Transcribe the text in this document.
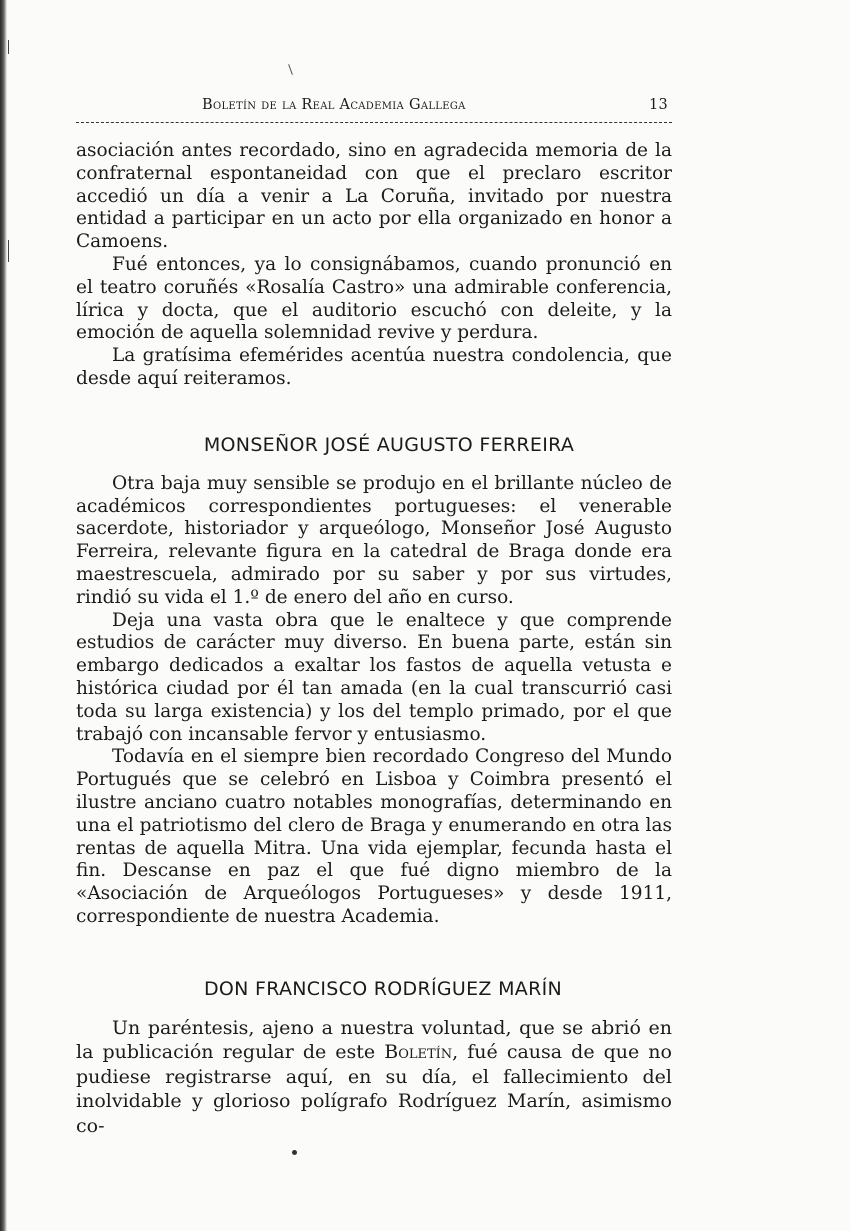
Boletín de la Real Academia Gallega	13

asociación antes recordado, sino en agradecida memoria de la confraternal espontaneidad con que el preclaro escritor accedió un día a venir a La Coruña, invitado por nuestra entidad a participar en un acto por ella organizado en honor a Camoens.

Fué entonces, ya lo consignábamos, cuando pronunció en el teatro coruñés «Rosalía Castro» una admirable conferencia, lírica y docta, que el auditorio escuchó con deleite, y la emoción de aquella solemnidad revive y perdura.

La gratísima efemérides acentúa nuestra condolencia, que desde aquí reiteramos.

MONSEÑOR JOSÉ AUGUSTO FERREIRA

Otra baja muy sensible se produjo en el brillante núcleo de académicos correspondientes portugueses: el venerable sacerdote, historiador y arqueólogo, Monseñor José Augusto Ferreira, relevante figura en la catedral de Braga donde era maestrescuela, admirado por su saber y por sus virtudes, rindió su vida el 1.º de enero del año en curso.

Deja una vasta obra que le enaltece y que comprende estudios de carácter muy diverso. En buena parte, están sin embargo dedicados a exaltar los fastos de aquella vetusta e histórica ciudad por él tan amada (en la cual transcurrió casi toda su larga existencia) y los del templo primado, por el que trabajó con incansable fervor y entusiasmo.

Todavía en el siempre bien recordado Congreso del Mundo Portugués que se celebró en Lisboa y Coimbra presentó el ilustre anciano cuatro notables monografías, determinando en una el patriotismo del clero de Braga y enumerando en otra las rentas de aquella Mitra. Una vida ejemplar, fecunda hasta el fin. Descanse en paz el que fué digno miembro de la «Asociación de Arqueólogos Portugueses» y desde 1911, correspondiente de nuestra Academia.

DON FRANCISCO RODRÍGUEZ MARÍN

Un paréntesis, ajeno a nuestra voluntad, que se abrió en la publicación regular de este Boletín, fué causa de que no pudiese registrarse aquí, en su día, el fallecimiento del inolvidable y glorioso polígrafo Rodríguez Marín, asimismo co-
